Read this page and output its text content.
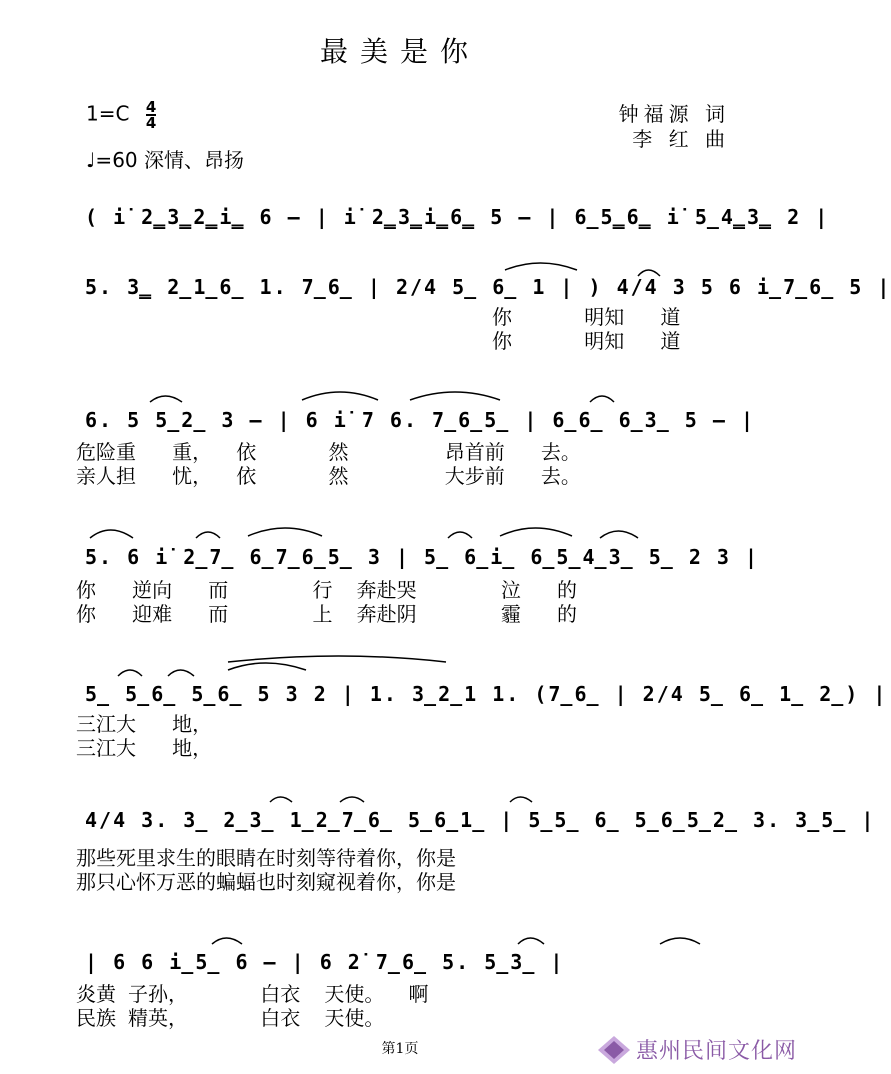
最美是你
$1=C \frac{4}{4}$
♩=60 深情、昂扬
钟福源 词
李 红 曲
( i̇ 2̳3̳2̳i̳ 6 – | i̇ 2̳3̳i̳6̳ 5 – | 6̲5̳6̳ i̇ 5̲4̳3̳ 2 |
5. 3̳ 2̲1̲6̲ 1. 7̲6̲ | 2/4 5̲ 6̲ 1 | ) 4/4 3 5 6 i̲7̲6̲ 5 |
6. 5 5̲2̲ 3 – | 6 i̇ 7 6. 7̲6̲5̲ | 6̲6̲ 6̲3̲ 5 – |
5. 6 i̇ 2̲7̲ 6̲7̲6̲5̲ 3 | 5̲ 6̲i̲ 6̲5̲4̲3̲ 5̲ 2 3 |
5̲ 5̲6̲ 5̲6̲ 5 3 2 | 1. 3̲2̲1 1. (7̲6̲ | 2/4 5̲ 6̲ 1̲ 2̲) |
4/4 3. 3̲ 2̲3̲ 1̲2̲7̲6̲ 5̲6̲1̲ | 5̲5̲ 6̲ 5̲6̲5̲2̲ 3. 3̲5̲ |
| 6 6 i̲5̲ 6 – | 6 2̇ 7̲6̲ 5. 5̲3̲ |
你      明知   道
你      明知   道
危险重   重，  依      然        昂首前   去。
亲人担   忧，  依      然        大步前   去。
你   逆向   而       行  奔赴哭       泣   的
你   迎难   而       上  奔赴阴       霾   的
三江大   地，
三江大   地，
那些死里求生的眼睛在时刻等待着你，你是
那只心怀万恶的蝙蝠也时刻窥视着你，你是
炎黄 子孙，      白衣  天使。  啊
民族 精英，      白衣  天使。
第1页	惠州民间文化网
